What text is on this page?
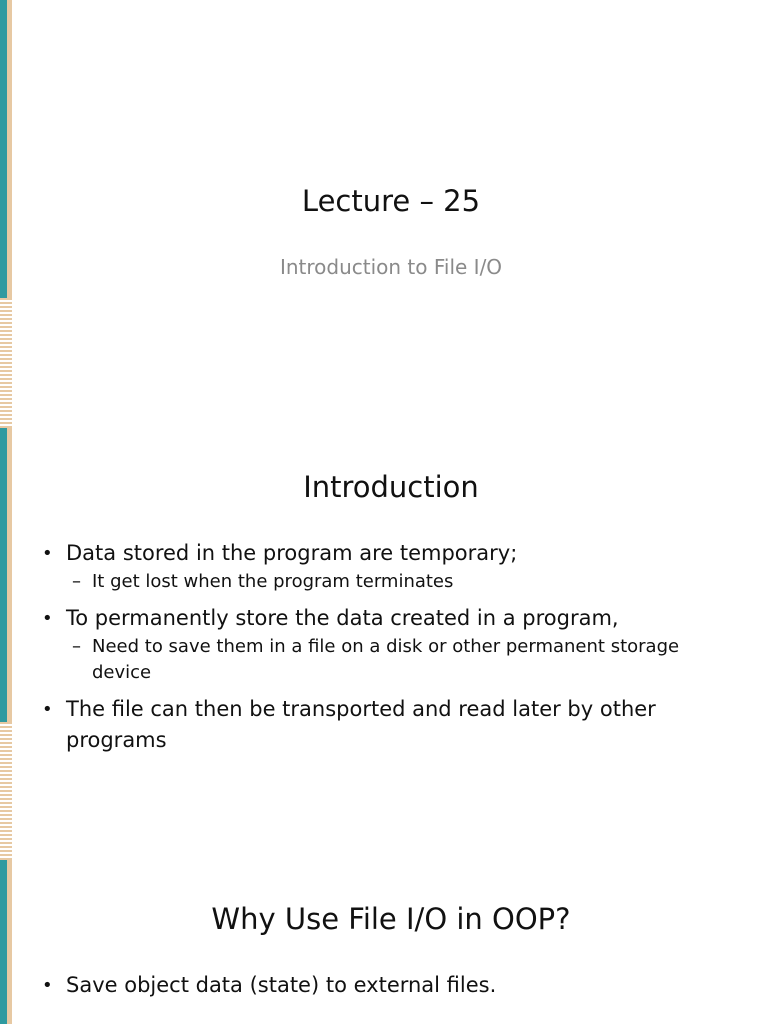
Lecture – 25

Introduction to File I/O

Introduction
• Data stored in the program are temporary;
– It get lost when the program terminates
• To permanently store the data created in a program,
– Need to save them in a file on a disk or other permanent storage device
• The file can then be transported and read later by other programs
Why Use File I/O in OOP?
• Save object data (state) to external files.
